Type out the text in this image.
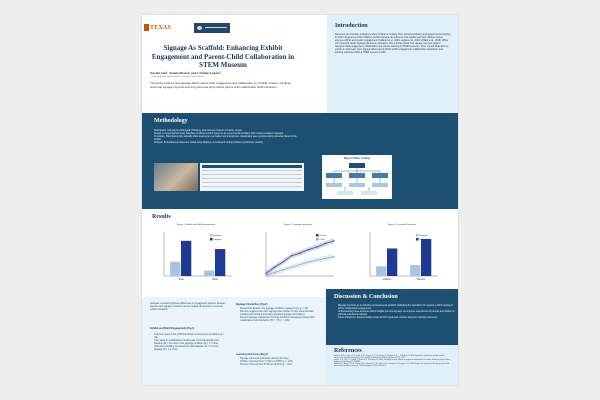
TEXAS
Signage As Scaffold: Enhancing Exhibit Engagement and Parent-Child Collaboration in STEM Museum
Nee Ra Oei¹, Yomei Zhaoyi¹ and Cristine Legare¹
¹ Center for Applied Cognitive Science, University of Texas at Austin
This study explores how signage affects parent-child engagement and collaboration in a STEM museum. Findings show that signage improves learning outcomes and predicts parent-child collaborative build interaction.
Introduction
Museums are incredible institutions where children's curiosity drive natural exploration and support active learning for both caregivers and their children. Exhibit signage can influence how parents and their children explore science exhibits and sustain engagement (Callanan et al., 2020; Legare et al., 2024; Willard et al., 2019). While prior research shows signage influences exploration, little is known about how signage can best support caregiver-child engagement, collaboration and science learning in STEM museums. Thus, current study aims to explore in what ways does signage affect parent-child's exhibit engagement, collaborative interactions and learning outcomes within a STEM museum exhibit.
Methodology
Participants: 120 parent-child dyads (Thinkery, local science museum in Austin, Texas).
Design: A mixed-method study. Baseline condition (control group) vs an experimental condition (with custom-designed signage).
Procedure: Participants play naturally while wearing an eye tracker and microphone. Interactions were recorded using cameras placed in the exhibit.
Analysis: 30 audiovisual data were coded using Datavyu, a behavioral coding software (preliminary results).
Map of Video Coding
Results
Figure 1. Exhibit and Build Engagement
Total	Build
Baseline
Signage
Figure 2. Signage Interaction
Parent
Child
Figure 3. Learning Outcomes
Children	Parents
Baseline
Signage
Analyses revealed significant differences in engagement patterns between baseline and signage conditions across multiple dimensions of museum exhibit interaction.
Exhibit and Build Engagement (Fig.1)
• Total time spent in the exhibit remained similar across conditions (p = .92).
• Time spent on collaborative building was more than double from baseline (M = 3.9 mins) to the signage condition (M = 7.7 mins).
• Child-alone building increased four-fold (baseline: M = 0.3 mins; signage: M = 1.3 mins).
Signage Interaction (Fig.2)
• Parent-child dyads in the signage condition engaged more (n = 31).
• Parents engaged more with signage than children in both visual attention (looking) and verbal processing (repeating signage information).
• Parents' signage engagement strongly predicted subsequent parent-child collaborative build interaction (R² = .79, p < .001).
Learning Outcomes (Fig.3)
• Signage enhanced build parts naming accuracy.
• Children improved from 7.74% to 21.88% (p = .076).
• Parents improved from 8.74% to 29.52% (p < .001).
Discussion & Conclusion
• Signage functions as an effective developmental scaffold, facilitating the transition from passive exhibit viewing to active collaborative engagement.
• Understanding these dynamics offers insights into how signage can improve experiences of parents and children in informal educational settings.
• Future Directions: Expand coding across all 120 dyads and examine long-term learning outcomes.
References
Callanan, M. A., Legare, C. H., Sobel, D. M., Jaeger, G. J., Letourneau, S., McHugh, S. R., ... & Watson, J. (2020). Exploration, explanation, and parent-child interaction in museums. Monographs of the Society for Research in Child Development, 85(1), 7-137.
Legare, C. H., Sol, Y. Y., Barger, J., Romero, K., & Kermani, N. (2024). Designing museum exhibits to support the development of scientific thinking in young children. Frontiers in Psychology, 15, 1342567.
Willard, A. K., Busch, J. T. A., Cullum, K. A., Letourneau, S. M., Sobel, D. M., Callanan, M., & Legare, C. H. (2019). Explain this, explore that: A study of parent-child interaction in a children's museum. Child Development, 90(5), e598-e617.
